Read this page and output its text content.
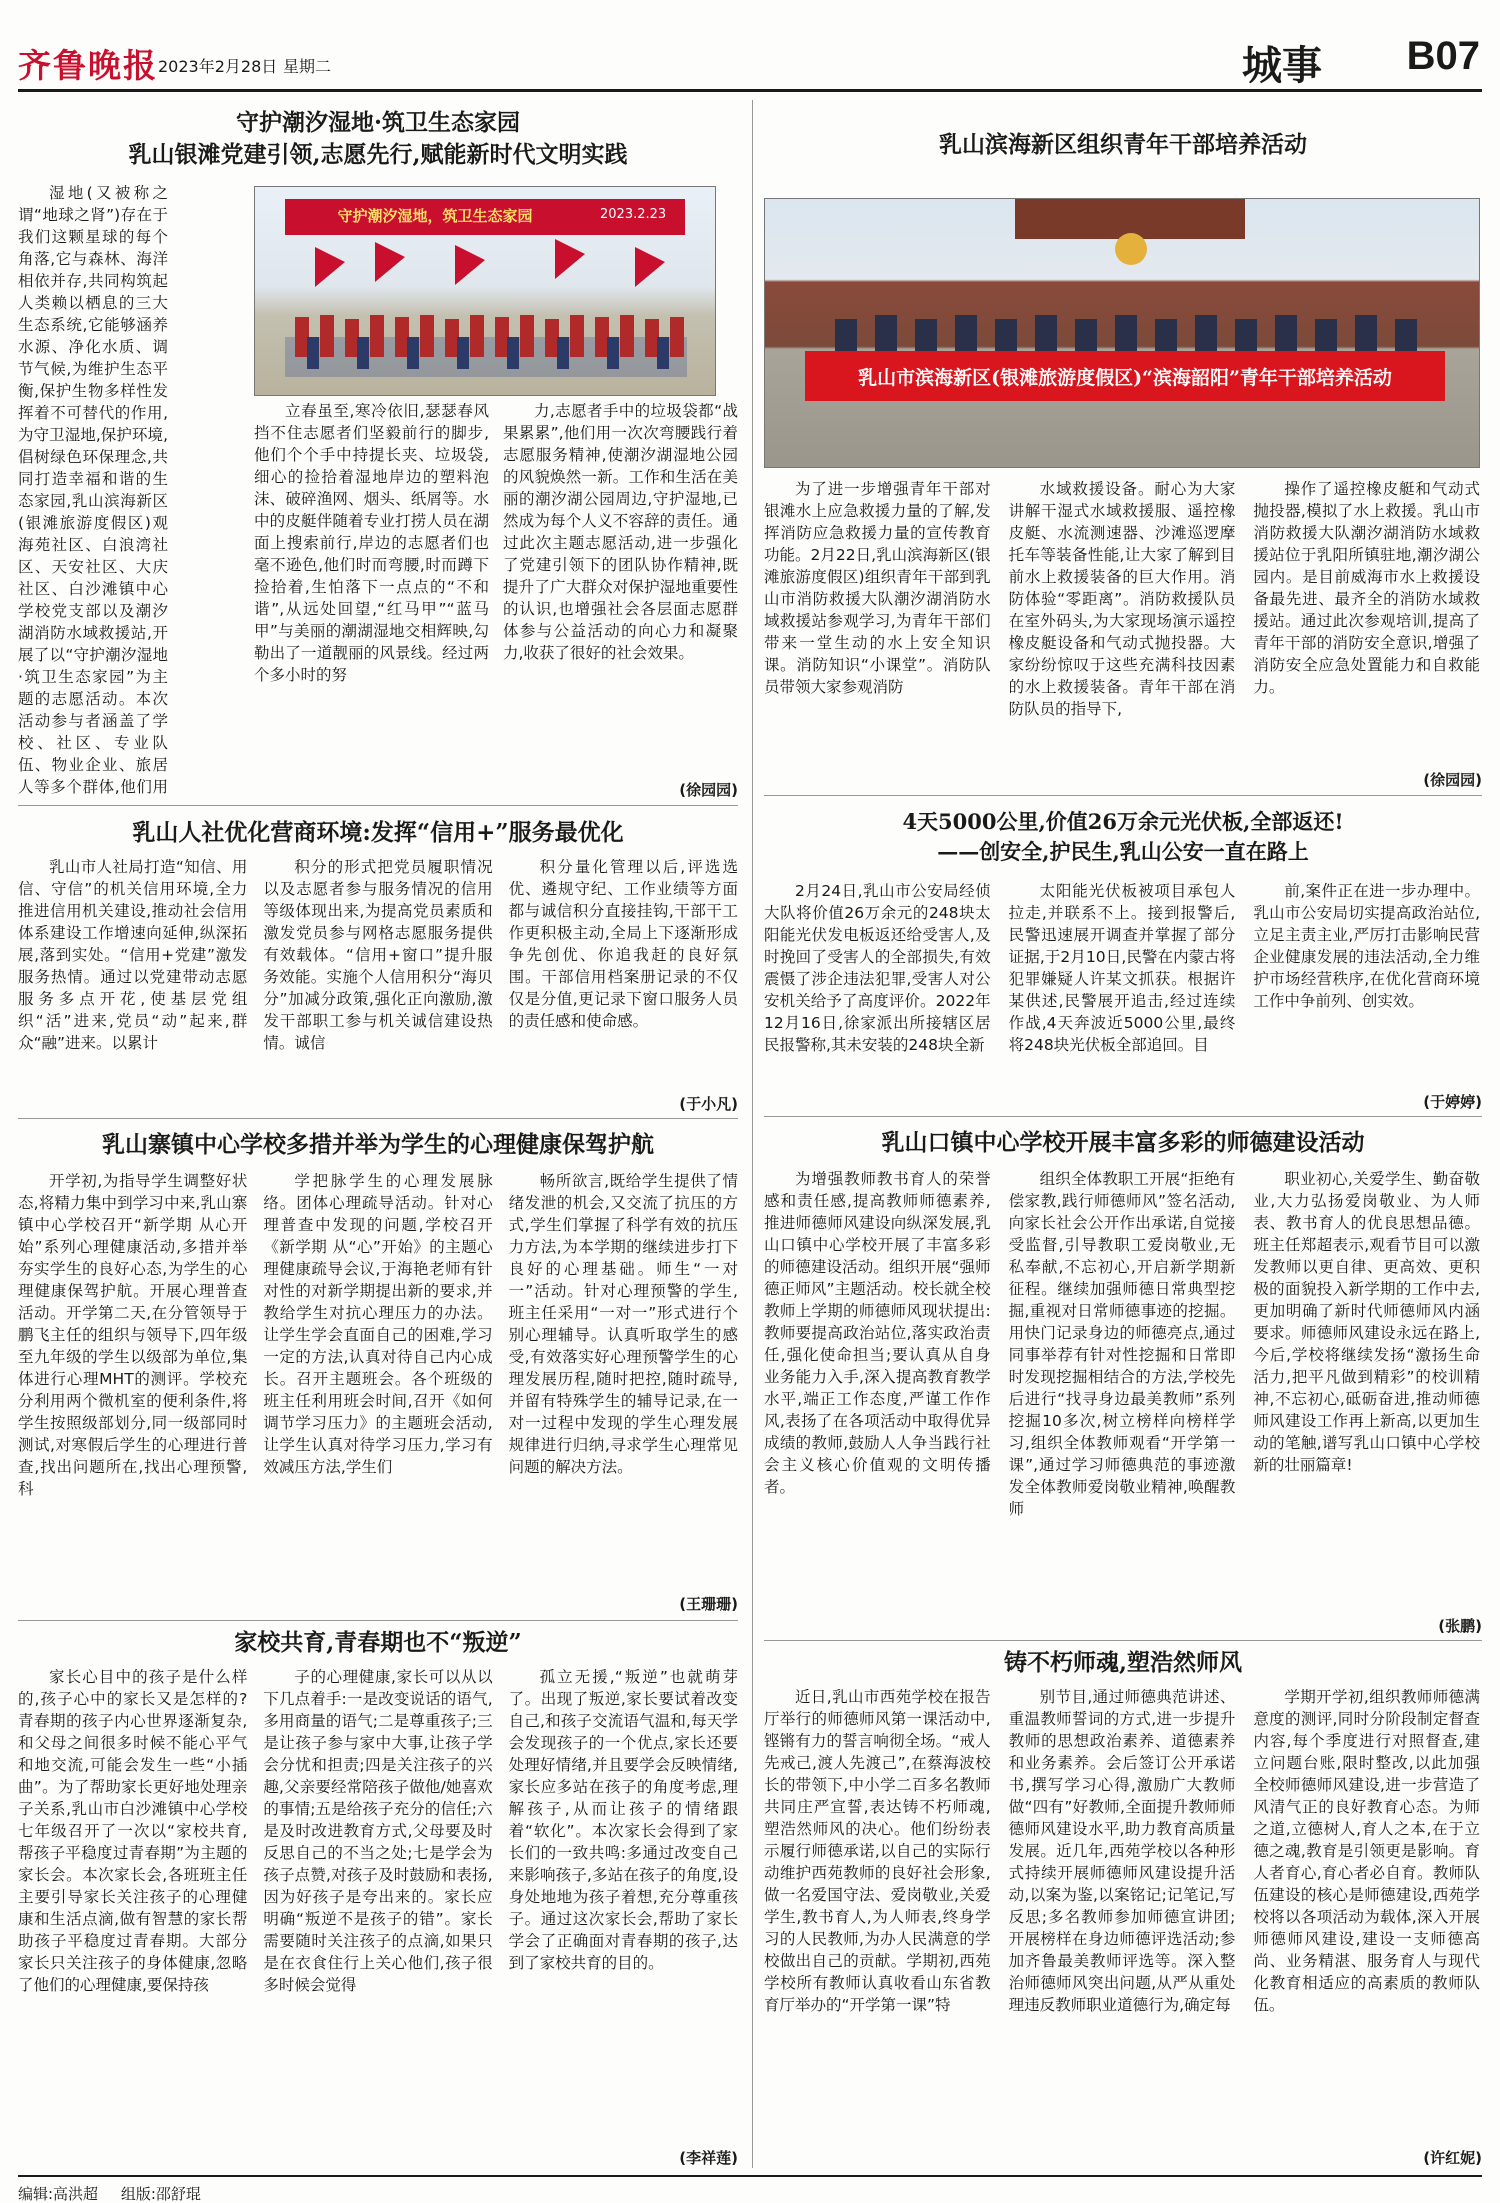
齐鲁晚报 2023年2月28日 星期二	城事 B07
守护潮汐湿地·筑卫生态家园
乳山银滩党建引领,志愿先行,赋能新时代文明实践

湿地(又被称之谓“地球之肾”)存在于我们这颗星球的每个角落,它与森林、海洋相依并存,共同构筑起人类赖以栖息的三大生态系统,它能够涵养水源、净化水质、调节气候,为维护生态平衡,保护生物多样性发挥着不可替代的作用,为守卫湿地,保护环境,倡树绿色环保理念,共同打造幸福和谐的生态家园,乳山滨海新区(银滩旅游度假区)观海苑社区、白浪湾社区、天安社区、大庆社区、白沙滩镇中心学校党支部以及潮汐湖消防水域救援站,开展了以“守护潮汐湿地·筑卫生态家园”为主题的志愿活动。本次活动参与者涵盖了学校、社区、专业队伍、物业企业、旅居人等多个群体,他们用

守护潮汐湿地，筑卫生态家园	2023.2.23

立春虽至,寒冷依旧,瑟瑟春风挡不住志愿者们坚毅前行的脚步,他们个个手中持提长夹、垃圾袋,细心的捡拾着湿地岸边的塑料泡沫、破碎渔网、烟头、纸屑等。水中的皮艇伴随着专业打捞人员在湖面上搜索前行,岸边的志愿者们也毫不逊色,他们时而弯腰,时而蹲下捡拾着,生怕落下一点点的“不和谐”,从远处回望,“红马甲”“蓝马甲”与美丽的潮湖湿地交相辉映,勾勒出了一道靓丽的风景线。经过两个多小时的努

力,志愿者手中的垃圾袋都“战果累累”,他们用一次次弯腰践行着志愿服务精神,使潮汐湖湿地公园的风貌焕然一新。工作和生活在美丽的潮汐湖公园周边,守护湿地,已然成为每个人义不容辞的责任。通过此次主题志愿活动,进一步强化了党建引领下的团队协作精神,既提升了广大群众对保护湿地重要性的认识,也增强社会各层面志愿群体参与公益活动的向心力和凝聚力,收获了很好的社会效果。

(徐园园)
乳山滨海新区组织青年干部培养活动
乳山市滨海新区(银滩旅游度假区)“滨海韶阳”青年干部培养活动

为了进一步增强青年干部对银滩水上应急救援力量的了解,发挥消防应急救援力量的宣传教育功能。2月22日,乳山滨海新区(银滩旅游度假区)组织青年干部到乳山市消防救援大队潮汐湖消防水域救援站参观学习,为青年干部们带来一堂生动的水上安全知识课。消防知识“小课堂”。消防队员带领大家参观消防

水域救援设备。耐心为大家讲解干湿式水域救援服、遥控橡皮艇、水流测速器、沙滩巡逻摩托车等装备性能,让大家了解到目前水上救援装备的巨大作用。消防体验“零距离”。消防救援队员在室外码头,为大家现场演示遥控橡皮艇设备和气动式抛投器。大家纷纷惊叹于这些充满科技因素的水上救援装备。青年干部在消防队员的指导下,

操作了遥控橡皮艇和气动式抛投器,模拟了水上救援。乳山市消防救援大队潮汐湖消防水域救援站位于乳阳所镇驻地,潮汐湖公园内。是目前威海市水上救援设备最先进、最齐全的消防水域救援站。通过此次参观培训,提高了青年干部的消防安全意识,增强了消防安全应急处置能力和自救能力。

(徐园园)
乳山人社优化营商环境:发挥“信用+”服务最优化

乳山市人社局打造“知信、用信、守信”的机关信用环境,全力推进信用机关建设,推动社会信用体系建设工作增速向延伸,纵深拓展,落到实处。“信用+党建”激发服务热情。通过以党建带动志愿服务多点开花,使基层党组织“活”进来,党员“动”起来,群众“融”进来。以累计

积分的形式把党员履职情况以及志愿者参与服务情况的信用等级体现出来,为提高党员素质和激发党员参与网格志愿服务提供有效载体。“信用+窗口”提升服务效能。实施个人信用积分“海贝分”加减分政策,强化正向激励,激发干部职工参与机关诚信建设热情。诚信

积分量化管理以后,评选选优、遴规守纪、工作业绩等方面都与诚信积分直接挂钩,干部干工作更积极主动,全局上下逐渐形成争先创优、你追我赶的良好氛围。干部信用档案册记录的不仅仅是分值,更记录下窗口服务人员的责任感和使命感。

(于小凡)
4天5000公里,价值26万余元光伏板,全部返还!
——创安全,护民生,乳山公安一直在路上

2月24日,乳山市公安局经侦大队将价值26万余元的248块太阳能光伏发电板返还给受害人,及时挽回了受害人的全部损失,有效震慑了涉企违法犯罪,受害人对公安机关给予了高度评价。2022年12月16日,徐家派出所接辖区居民报警称,其未安装的248块全新

太阳能光伏板被项目承包人拉走,并联系不上。接到报警后,民警迅速展开调查并掌握了部分证据,于2月10日,民警在内蒙古将犯罪嫌疑人许某文抓获。根据许某供述,民警展开追击,经过连续作战,4天奔波近5000公里,最终将248块光伏板全部追回。目

前,案件正在进一步办理中。乳山市公安局切实提高政治站位,立足主责主业,严厉打击影响民营企业健康发展的违法活动,全力维护市场经营秩序,在优化营商环境工作中争前列、创实效。

(于婷婷)
乳山寨镇中心学校多措并举为学生的心理健康保驾护航

开学初,为指导学生调整好状态,将精力集中到学习中来,乳山寨镇中心学校召开“新学期 从心开始”系列心理健康活动,多措并举夯实学生的良好心态,为学生的心理健康保驾护航。开展心理普查活动。开学第二天,在分管领导于鹏飞主任的组织与领导下,四年级至九年级的学生以级部为单位,集体进行心理MHT的测评。学校充分利用两个微机室的便利条件,将学生按照级部划分,同一级部同时测试,对寒假后学生的心理进行普查,找出问题所在,找出心理预警,科

学把脉学生的心理发展脉络。团体心理疏导活动。针对心理普查中发现的问题,学校召开《新学期 从“心”开始》的主题心理健康疏导会议,于海艳老师有针对性的对新学期提出新的要求,并教给学生对抗心理压力的办法。让学生学会直面自己的困难,学习一定的方法,认真对待自己内心成长。召开主题班会。各个班级的班主任利用班会时间,召开《如何调节学习压力》的主题班会活动,让学生认真对待学习压力,学习有效减压方法,学生们

畅所欲言,既给学生提供了情绪发泄的机会,又交流了抗压的方式,学生们掌握了科学有效的抗压力方法,为本学期的继续进步打下良好的心理基础。师生“一对一”活动。针对心理预警的学生,班主任采用“一对一”形式进行个别心理辅导。认真听取学生的感受,有效落实好心理预警学生的心理发展历程,随时把控,随时疏导,并留有特殊学生的辅导记录,在一对一过程中发现的学生心理发展规律进行归纳,寻求学生心理常见问题的解决方法。

(王珊珊)
乳山口镇中心学校开展丰富多彩的师德建设活动

为增强教师教书育人的荣誉感和责任感,提高教师师德素养,推进师德师风建设向纵深发展,乳山口镇中心学校开展了丰富多彩的师德建设活动。组织开展“强师德正师风”主题活动。校长就全校教师上学期的师德师风现状提出:教师要提高政治站位,落实政治责任,强化使命担当;要认真从自身业务能力入手,深入提高教育教学水平,端正工作态度,严谨工作作风,表扬了在各项活动中取得优异成绩的教师,鼓励人人争当践行社会主义核心价值观的文明传播者。

组织全体教职工开展“拒绝有偿家教,践行师德师风”签名活动,向家长社会公开作出承诺,自觉接受监督,引导教职工爱岗敬业,无私奉献,不忘初心,开启新学期新征程。继续加强师德日常典型挖掘,重视对日常师德事迹的挖掘。用快门记录身边的师德亮点,通过同事举荐有针对性挖掘和日常即时发现挖掘相结合的方法,学校先后进行“找寻身边最美教师”系列挖掘10多次,树立榜样向榜样学习,组织全体教师观看“开学第一课”,通过学习师德典范的事迹激发全体教师爱岗敬业精神,唤醒教师

职业初心,关爱学生、勤奋敬业,大力弘扬爱岗敬业、为人师表、教书育人的优良思想品德。班主任郑超表示,观看节目可以激发教师以更自律、更高效、更积极的面貌投入新学期的工作中去,更加明确了新时代师德师风内涵要求。师德师风建设永远在路上,今后,学校将继续发扬“激扬生命活力,把平凡做到精彩”的校训精神,不忘初心,砥砺奋进,推动师德师风建设工作再上新高,以更加生动的笔触,谱写乳山口镇中心学校新的壮丽篇章!

(张鹏)
家校共育,青春期也不“叛逆”

家长心目中的孩子是什么样的,孩子心中的家长又是怎样的?青春期的孩子内心世界逐渐复杂,和父母之间很多时候不能心平气和地交流,可能会发生一些“小插曲”。为了帮助家长更好地处理亲子关系,乳山市白沙滩镇中心学校七年级召开了一次以“家校共育,帮孩子平稳度过青春期”为主题的家长会。本次家长会,各班班主任主要引导家长关注孩子的心理健康和生活点滴,做有智慧的家长帮助孩子平稳度过青春期。大部分家长只关注孩子的身体健康,忽略了他们的心理健康,要保持孩

子的心理健康,家长可以从以下几点着手:一是改变说话的语气,多用商量的语气;二是尊重孩子;三是让孩子参与家中大事,让孩子学会分忧和担责;四是关注孩子的兴趣,父亲要经常陪孩子做他/她喜欢的事情;五是给孩子充分的信任;六是及时改进教育方式,父母要及时反思自己的不当之处;七是学会为孩子点赞,对孩子及时鼓励和表扬,因为好孩子是夸出来的。家长应明确“叛逆不是孩子的错”。家长需要随时关注孩子的点滴,如果只是在衣食住行上关心他们,孩子很多时候会觉得

孤立无援,“叛逆”也就萌芽了。出现了叛逆,家长要试着改变自己,和孩子交流语气温和,每天学会发现孩子的一个优点,家长还要处理好情绪,并且要学会反映情绪,家长应多站在孩子的角度考虑,理解孩子,从而让孩子的情绪跟着“软化”。本次家长会得到了家长们的一致共鸣:多通过改变自己来影响孩子,多站在孩子的角度,设身处地地为孩子着想,充分尊重孩子。通过这次家长会,帮助了家长学会了正确面对青春期的孩子,达到了家校共育的目的。

(李祥莲)
铸不朽师魂,塑浩然师风

近日,乳山市西苑学校在报告厅举行的师德师风第一课活动中,铿锵有力的誓言响彻全场。“戒人先戒己,渡人先渡己”,在蔡海波校长的带领下,中小学二百多名教师共同庄严宣誓,表达铸不朽师魂,塑浩然师风的决心。他们纷纷表示履行师德承诺,以自己的实际行动维护西苑教师的良好社会形象,做一名爱国守法、爱岗敬业,关爱学生,教书育人,为人师表,终身学习的人民教师,为办人民满意的学校做出自己的贡献。学期初,西苑学校所有教师认真收看山东省教育厅举办的“开学第一课”特

别节目,通过师德典范讲述、重温教师誓词的方式,进一步提升教师的思想政治素养、道德素养和业务素养。会后签订公开承诺书,撰写学习心得,激励广大教师做“四有”好教师,全面提升教师师德师风建设水平,助力教育高质量发展。近几年,西苑学校以各种形式持续开展师德师风建设提升活动,以案为鉴,以案铭记;记笔记,写反思;多名教师参加师德宣讲团;开展榜样在身边师德评选活动;参加齐鲁最美教师评选等。深入整治师德师风突出问题,从严从重处理违反教师职业道德行为,确定每

学期开学初,组织教师师德满意度的测评,同时分阶段制定督查内容,每个季度进行对照督查,建立问题台账,限时整改,以此加强全校师德师风建设,进一步营造了风清气正的良好教育心态。为师之道,立德树人,育人之本,在于立德之魂,教育是引领更是影响。育人者育心,育心者必自育。教师队伍建设的核心是师德建设,西苑学校将以各项活动为载体,深入开展师德师风建设,建设一支师德高尚、业务精湛、服务育人与现代化教育相适应的高素质的教师队伍。

(许红妮)
编辑:高洪超 组版:邵舒琨
